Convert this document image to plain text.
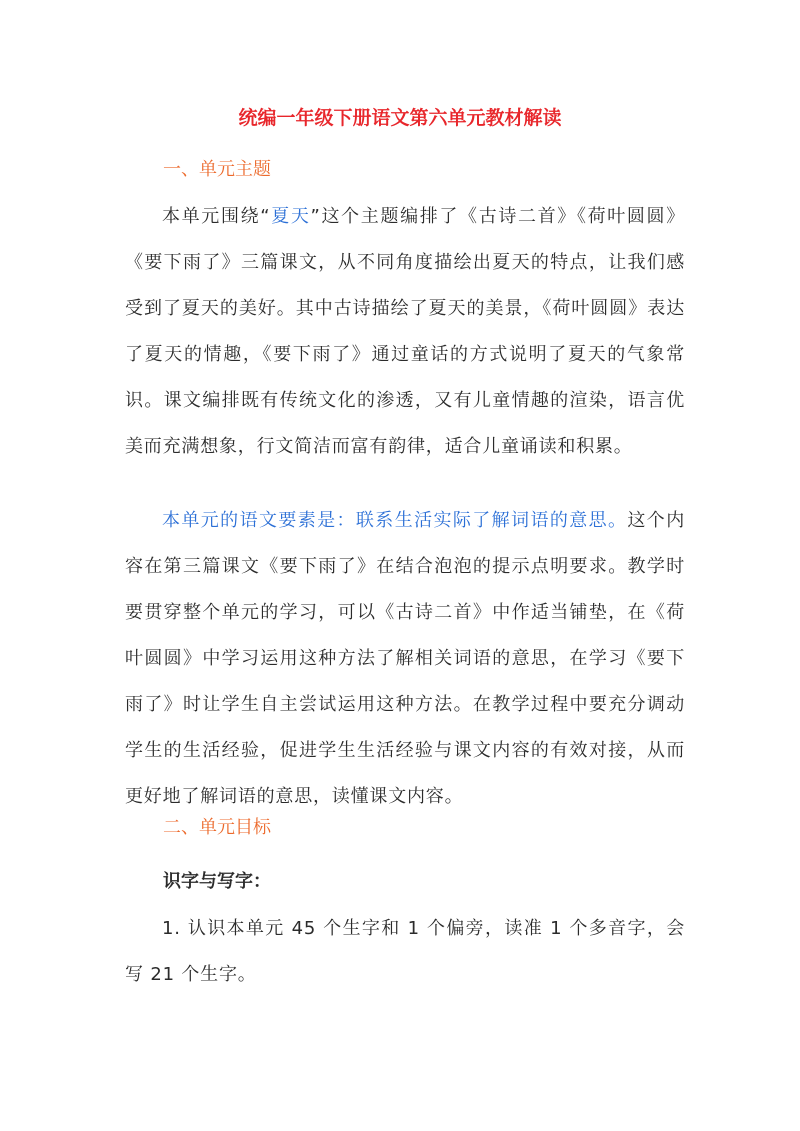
统编一年级下册语文第六单元教材解读
一、单元主题
本单元围绕“夏天”这个主题编排了《古诗二首》《荷叶圆圆》《要下雨了》三篇课文，从不同角度描绘出夏天的特点，让我们感受到了夏天的美好。其中古诗描绘了夏天的美景，《荷叶圆圆》表达了夏天的情趣，《要下雨了》通过童话的方式说明了夏天的气象常识。课文编排既有传统文化的渗透，又有儿童情趣的渲染，语言优美而充满想象，行文简洁而富有韵律，适合儿童诵读和积累。
本单元的语文要素是：联系生活实际了解词语的意思。这个内容在第三篇课文《要下雨了》在结合泡泡的提示点明要求。教学时要贯穿整个单元的学习，可以《古诗二首》中作适当铺垫，在《荷叶圆圆》中学习运用这种方法了解相关词语的意思，在学习《要下雨了》时让学生自主尝试运用这种方法。在教学过程中要充分调动学生的生活经验，促进学生生活经验与课文内容的有效对接，从而更好地了解词语的意思，读懂课文内容。
二、单元目标
识字与写字：
1. 认识本单元 45 个生字和 1 个偏旁，读准 1 个多音字，会写 21 个生字。
